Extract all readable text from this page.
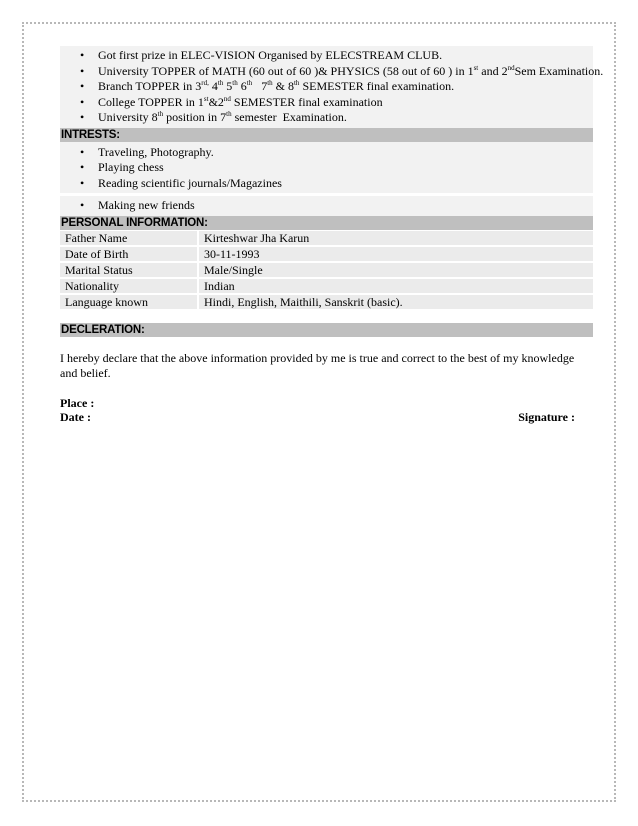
• Got first prize in ELEC-VISION Organised by ELECSTREAM CLUB.
• University TOPPER of MATH (60 out of 60 )& PHYSICS (58 out of 60 ) in 1st and 2ndSem Examination.
• Branch TOPPER in $3^{rd,}$ 4th 5th 6th   7th & 8th SEMESTER final examination.
• College TOPPER in 1st&2nd SEMESTER final examination
• University 8th position in 7th semester  Examination.
INTRESTS:
• Traveling, Photography.
• Playing chess
• Reading scientific journals/Magazines
• Making new friends
PERSONAL INFORMATION:
Father Name	Kirteshwar Jha Karun
Date of Birth	30-11-1993
Marital Status	Male/Single
Nationality	Indian
Language known	Hindi, English, Maithili, Sanskrit (basic).
DECLERATION:

I hereby declare that the above information provided by me is true and correct to the best of my knowledge and belief.

Place :
Date :	Signature :
